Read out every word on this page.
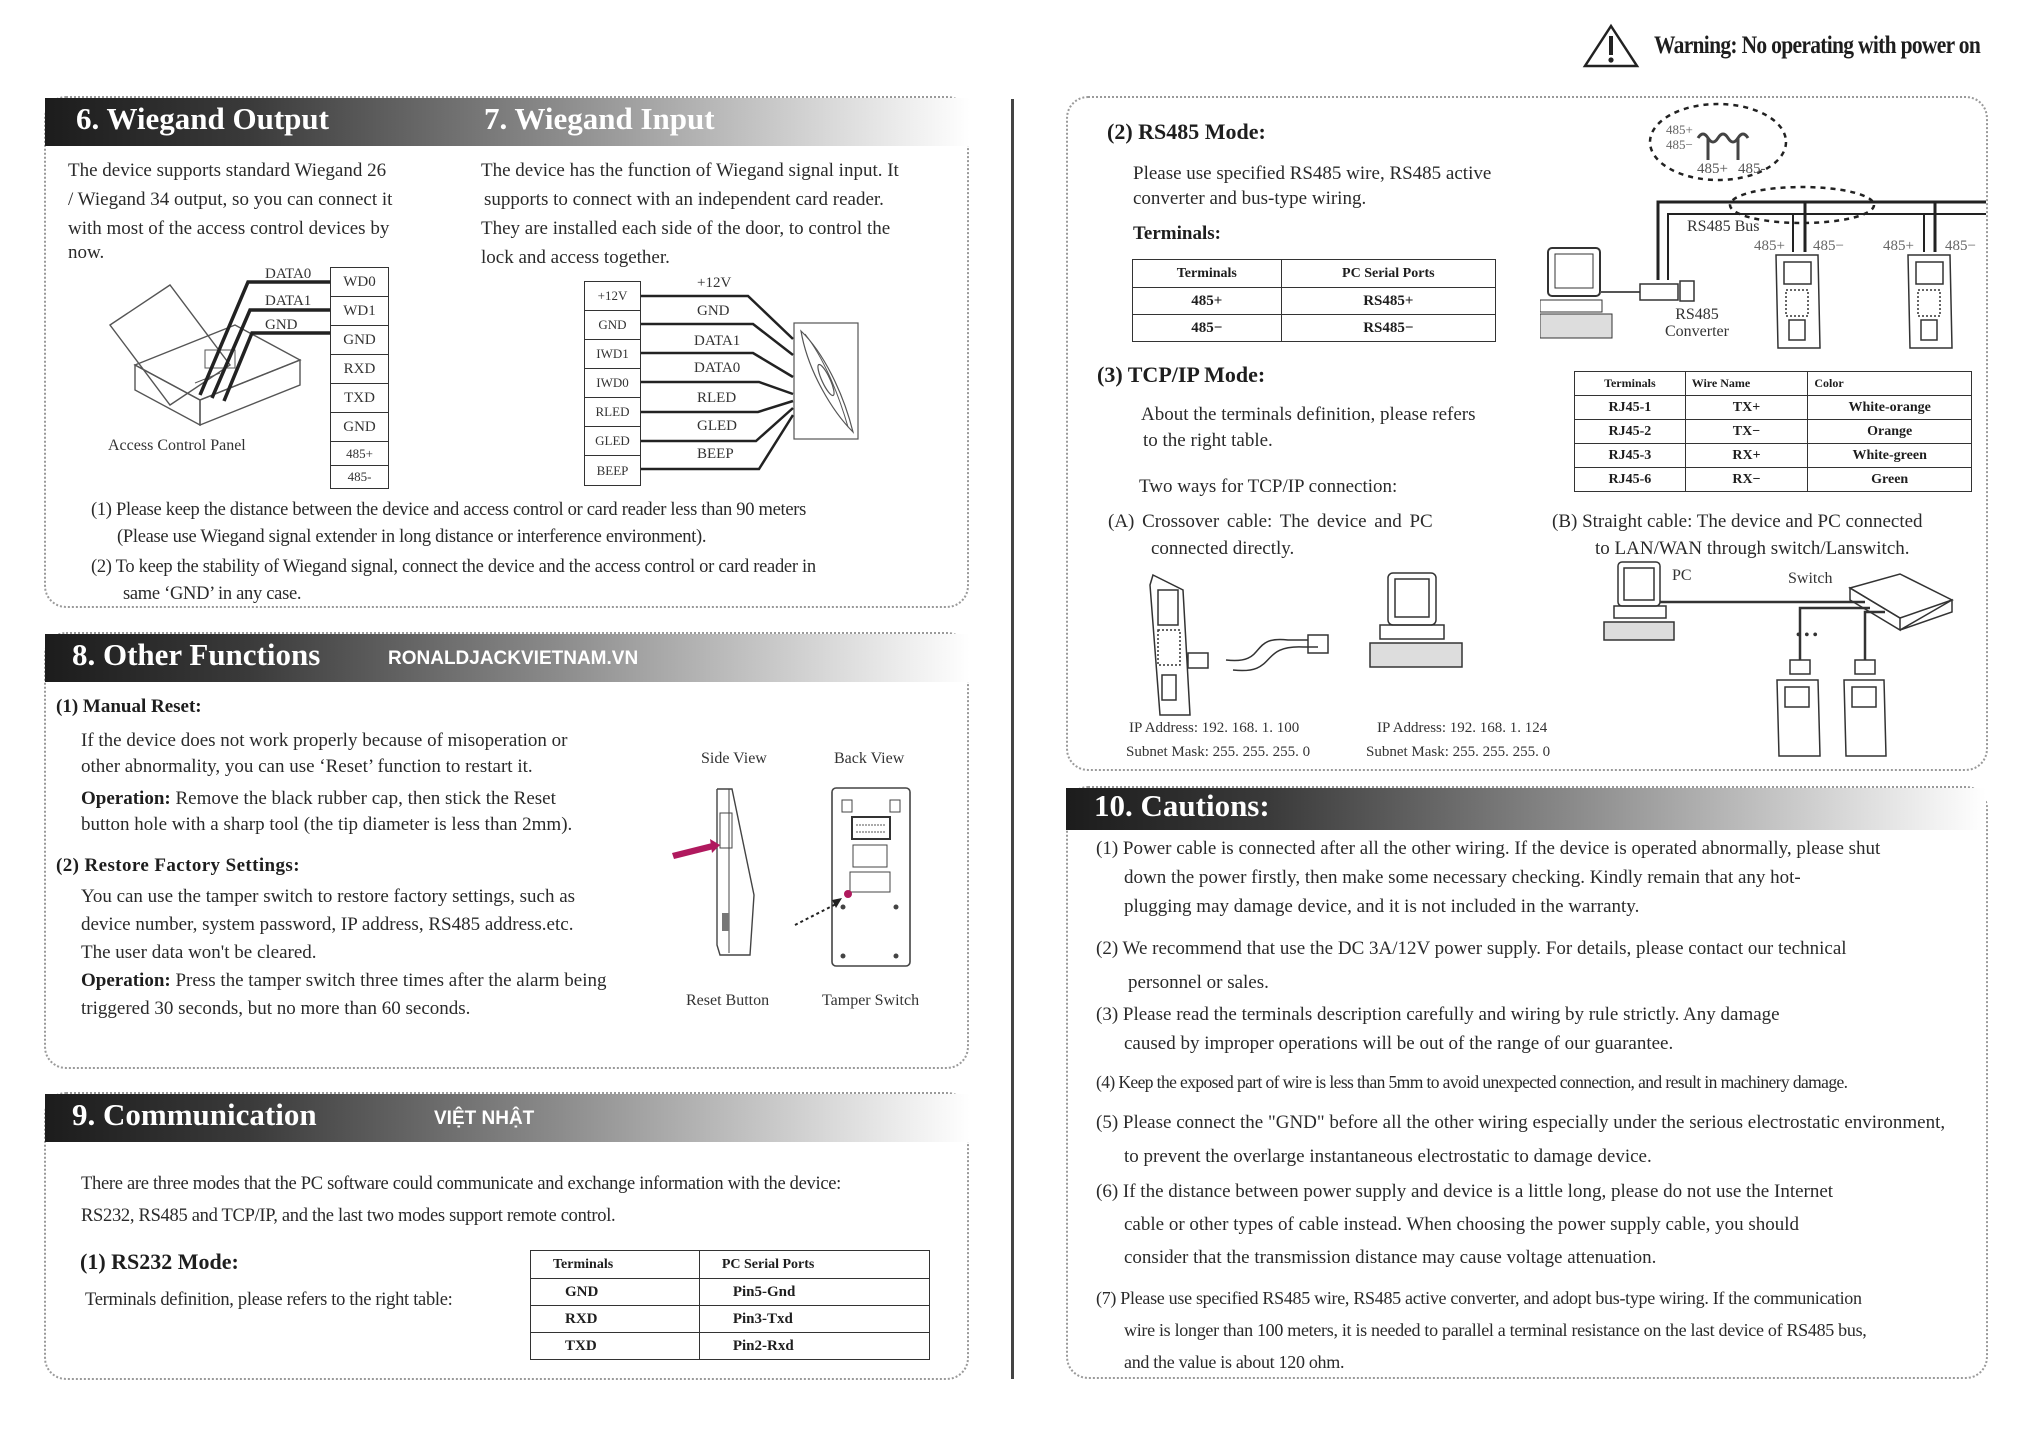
Warning: No operating with power on
6. Wiegand Output	7. Wiegand Input
The device supports standard Wiegand 26
/ Wiegand 34 output, so you can connect it
with most of the access control devices by
now.
DATA0
DATA1
GND
WD0
WD1
GND
RXD
TXD
GND
485+
485-
Access Control Panel
The device has the function of Wiegand signal input. It
supports to connect with an independent card reader.
They are installed each side of the door, to control the
lock and access together.
+12V
GND
IWD1
IWD0
RLED
GLED
BEEP
+12V
GND
DATA1
DATA0
RLED
GLED
BEEP
(1) Please keep the distance between the device and access control or card reader less than 90 meters
(Please use Wiegand signal extender in long distance or interference environment).
(2) To keep the stability of Wiegand signal, connect the device and the access control or card reader in
same ‘GND’ in any case.
8. Other Functions	RONALDJACKVIETNAM.VN
(1) Manual Reset:
If the device does not work properly because of misoperation or
other abnormality, you can use ‘Reset’ function to restart it.
Operation: Remove the black rubber cap, then stick the Reset
button hole with a sharp tool (the tip diameter is less than 2mm).
(2) Restore Factory Settings:
You can use the tamper switch to restore factory settings, such as
device number, system password, IP address, RS485 address.etc.
The user data won't be cleared.
Operation: Press the tamper switch three times after the alarm being
triggered 30 seconds, but no more than 60 seconds.
Side View	Back View
Reset Button	Tamper Switch
9. Communication	VIỆT NHẬT
There are three modes that the PC software could communicate and exchange information with the device:
RS232, RS485 and TCP/IP, and the last two modes support remote control.
(1) RS232 Mode:
Terminals definition, please refers to the right table:
Terminals	PC Serial Ports
GND	Pin5-Gnd
RXD	Pin3-Txd
TXD	Pin2-Rxd
(2) RS485 Mode:
Please use specified RS485 wire, RS485 active
converter and bus-type wiring.
Terminals:
Terminals	PC Serial Ports
485+	RS485+
485−	RS485−
485+
485−
485+ 485-
RS485 Bus
485+ 485−	485+ 485−
RS485
Converter
(3) TCP/IP Mode:
About the terminals definition, please refers
to the right table.
Two ways for TCP/IP connection:
(A) Crossover cable: The device and PC
connected directly.
(B) Straight cable: The device and PC connected
to LAN/WAN through switch/Lanswitch.
Terminals	Wire Name	Color
RJ45-1	TX+	White-orange
RJ45-2	TX−	Orange
RJ45-3	RX+	White-green
RJ45-6	RX−	Green
IP Address: 192. 168. 1. 100
Subnet Mask: 255. 255. 255. 0
IP Address: 192. 168. 1. 124
Subnet Mask: 255. 255. 255. 0
PC	Switch
• • •
10. Cautions:
(1) Power cable is connected after all the other wiring. If the device is operated abnormally, please shut
down the power firstly, then make some necessary checking. Kindly remain that any hot-
plugging may damage device, and it is not included in the warranty.
(2) We recommend that use the DC 3A/12V power supply. For details, please contact our technical
personnel or sales.
(3) Please read the terminals description carefully and wiring by rule strictly. Any damage
caused by improper operations will be out of the range of our guarantee.
(4) Keep the exposed part of wire is less than 5mm to avoid unexpected connection, and result in machinery damage.
(5) Please connect the "GND" before all the other wiring especially under the serious electrostatic environment,
to prevent the overlarge instantaneous electrostatic to damage device.
(6) If the distance between power supply and device is a little long, please do not use the Internet
cable or other types of cable instead. When choosing the power supply cable, you should
consider that the transmission distance may cause voltage attenuation.
(7) Please use specified RS485 wire, RS485 active converter, and adopt bus-type wiring. If the communication
wire is longer than 100 meters, it is needed to parallel a terminal resistance on the last device of RS485 bus,
and the value is about 120 ohm.
